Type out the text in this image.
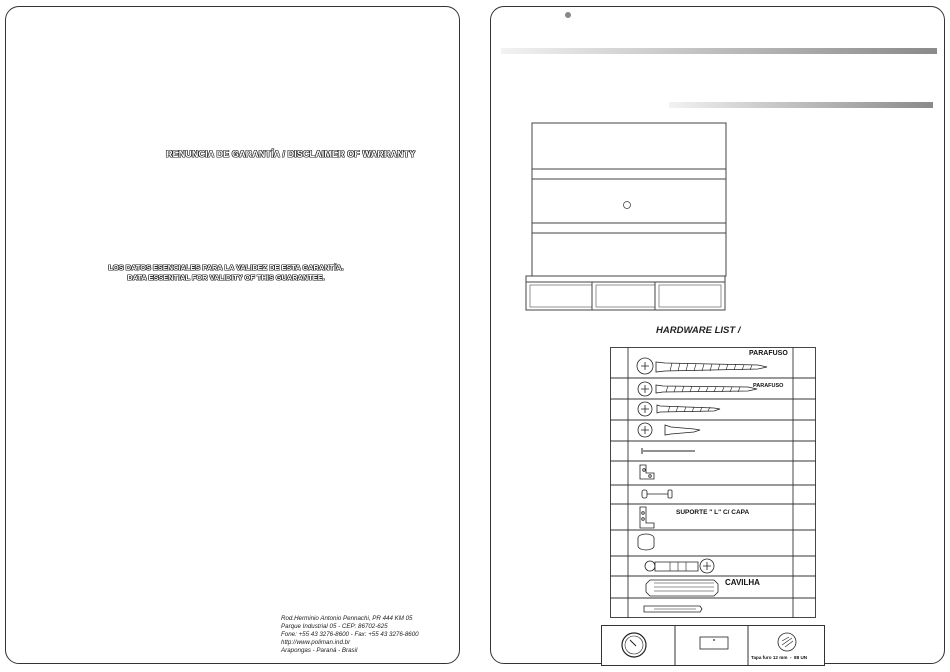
RENUNCIA DE GARANTÍA / DISCLAIMER OF WARRANTY
LOS DATOS ESENCIALES PARA LA VALIDEZ DE ESTA GARANTÍA.
DATA ESSENTIAL FOR VALIDITY OF THIS GUARANTEE.
Rod.Herminio Antonio Pennachi, PR 444 KM 05
Parque Industrial 05 - CEP: 86702-625
Fone: +55 43 3276-8600 - Fax: +55 43 3276-8600
http://www.poliman.ind.br
Arapongas - Paraná - Brasil
HARDWARE LIST /
PARAFUSO
PARAFUSO
SUPORTE " L" C/ CAPA
CAVILHA
Tapa furo 12 mm  -  88 UN
